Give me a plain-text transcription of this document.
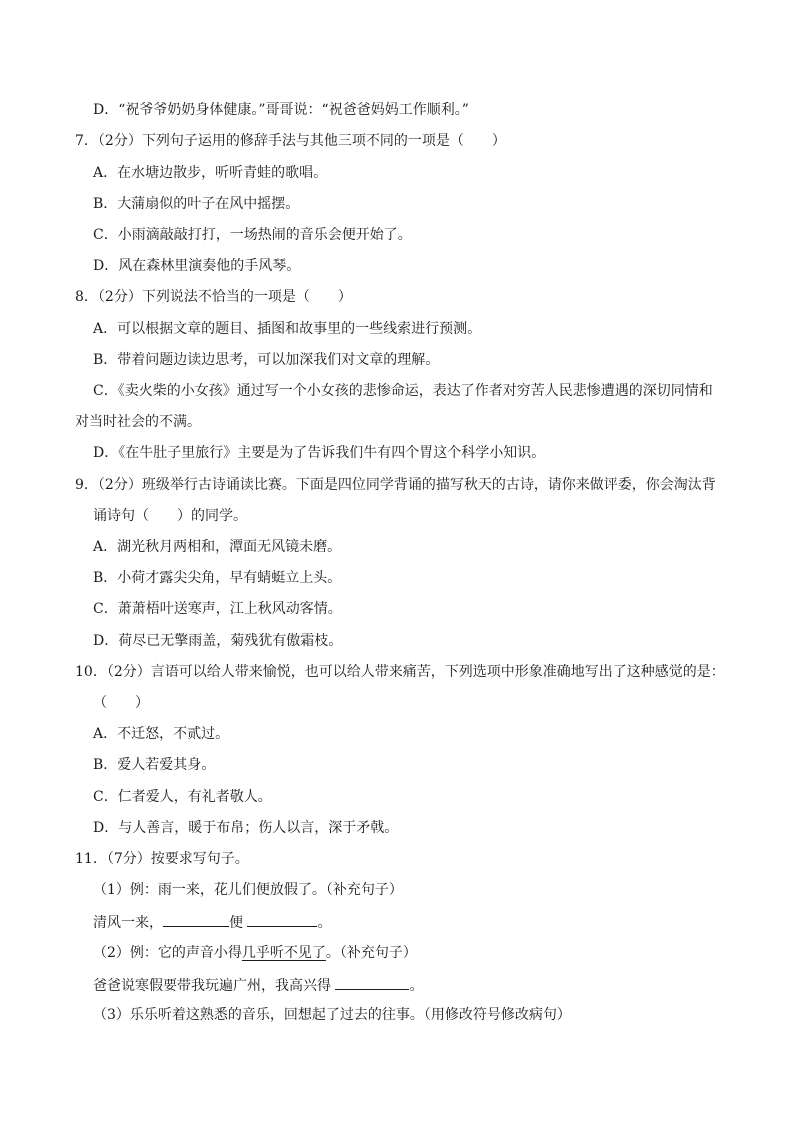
D．“祝爷爷奶奶身体健康。”哥哥说：“祝爸爸妈妈工作顺利。”
7．（2分）下列句子运用的修辞手法与其他三项不同的一项是（　　）
A．在水塘边散步，听听青蛙的歌唱。
B．大蒲扇似的叶子在风中摇摆。
C．小雨滴敲敲打打，一场热闹的音乐会便开始了。
D．风在森林里演奏他的手风琴。
8．（2分）下列说法不恰当的一项是（　　）
A．可以根据文章的题目、插图和故事里的一些线索进行预测。
B．带着问题边读边思考，可以加深我们对文章的理解。
C．《卖火柴的小女孩》通过写一个小女孩的悲惨命运，表达了作者对穷苦人民悲惨遭遇的深切同情和
对当时社会的不满。
D．《在牛肚子里旅行》主要是为了告诉我们牛有四个胃这个科学小知识。
9．（2分）班级举行古诗诵读比赛。下面是四位同学背诵的描写秋天的古诗，请你来做评委，你会淘汰背
诵诗句（　　）的同学。
A．湖光秋月两相和，潭面无风镜未磨。
B．小荷才露尖尖角，早有蜻蜓立上头。
C．萧萧梧叶送寒声，江上秋风动客情。
D．荷尽已无擎雨盖，菊残犹有傲霜枝。
10．（2分）言语可以给人带来愉悦，也可以给人带来痛苦，下列选项中形象准确地写出了这种感觉的是：
（　　）
A．不迁怒，不贰过。
B．爱人若爱其身。
C．仁者爱人，有礼者敬人。
D．与人善言，暖于布帛；伤人以言，深于矛戟。
11．（7分）按要求写句子。
（1）例：雨一来，花儿们便放假了。（补充句子）
清风一来，	便	。
（2）例：它的声音小得几乎听不见了。（补充句子）
爸爸说寒假要带我玩遍广州，我高兴得	。
（3）乐乐听着这熟悉的音乐，回想起了过去的往事。（用修改符号修改病句）
